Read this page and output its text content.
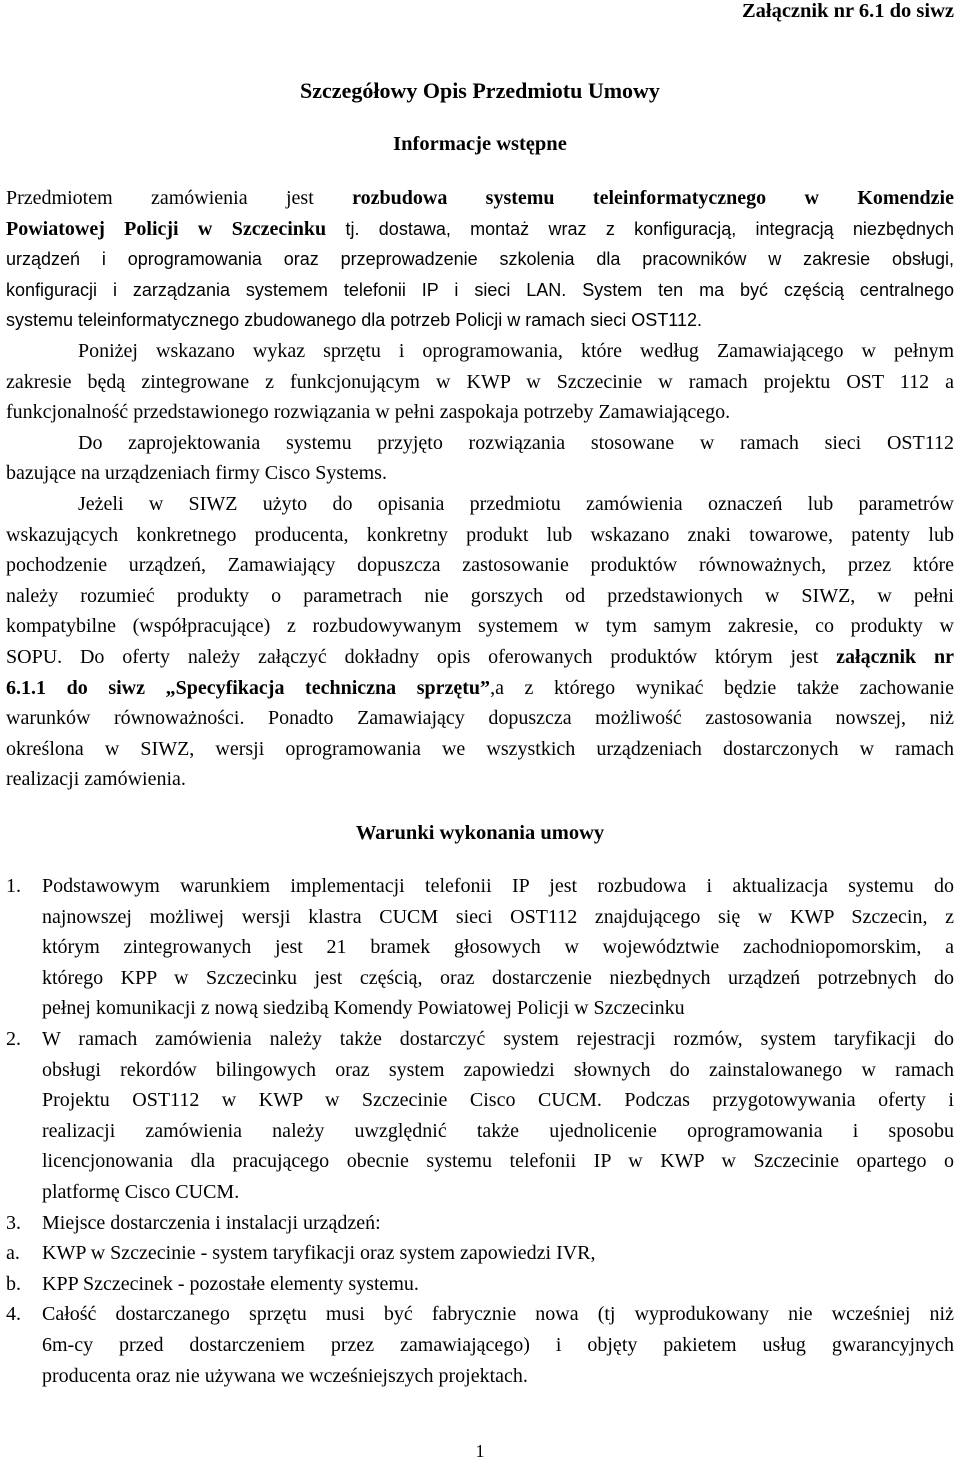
Załącznik nr 6.1 do siwz
Szczegółowy Opis Przedmiotu Umowy
Informacje wstępne
Przedmiotem zamówienia jest rozbudowa systemu teleinformatycznego w Komendzie
Powiatowej Policji w Szczecinku tj. dostawa, montaż wraz z konfiguracją, integracją niezbędnych
urządzeń i oprogramowania oraz przeprowadzenie szkolenia dla pracowników w zakresie obsługi,
konfiguracji i zarządzania systemem telefonii IP i sieci LAN. System ten ma być częścią centralnego
systemu teleinformatycznego zbudowanego dla potrzeb Policji w ramach sieci OST112.
Poniżej wskazano wykaz sprzętu i oprogramowania, które według Zamawiającego w pełnym
zakresie będą zintegrowane z funkcjonującym w KWP w Szczecinie w ramach projektu OST 112 a
funkcjonalność przedstawionego rozwiązania w pełni zaspokaja potrzeby Zamawiającego.
Do zaprojektowania systemu przyjęto rozwiązania stosowane w ramach sieci OST112
bazujące na urządzeniach firmy Cisco Systems.
Jeżeli w SIWZ użyto do opisania przedmiotu zamówienia oznaczeń lub parametrów
wskazujących konkretnego producenta, konkretny produkt lub wskazano znaki towarowe, patenty lub
pochodzenie urządzeń, Zamawiający dopuszcza zastosowanie produktów równoważnych, przez które
należy rozumieć produkty o parametrach nie gorszych od przedstawionych w SIWZ, w pełni
kompatybilne (współpracujące) z rozbudowywanym systemem w tym samym zakresie, co produkty w
SOPU. Do oferty należy załączyć dokładny opis oferowanych produktów którym jest załącznik nr
6.1.1 do siwz „Specyfikacja techniczna sprzętu”,a z którego wynikać będzie także zachowanie
warunków równoważności. Ponadto Zamawiający dopuszcza możliwość zastosowania nowszej, niż
określona w SIWZ, wersji oprogramowania we wszystkich urządzeniach dostarczonych w ramach
realizacji zamówienia.
Warunki wykonania umowy
1. Podstawowym warunkiem implementacji telefonii IP jest rozbudowa i aktualizacja systemu do
najnowszej możliwej wersji klastra CUCM sieci OST112 znajdującego się w KWP Szczecin, z
którym zintegrowanych jest 21 bramek głosowych w województwie zachodniopomorskim, a
którego KPP w Szczecinku jest częścią, oraz dostarczenie niezbędnych urządzeń potrzebnych do
pełnej komunikacji z nową siedzibą Komendy Powiatowej Policji w Szczecinku
2. W ramach zamówienia należy także dostarczyć system rejestracji rozmów, system taryfikacji do
obsługi rekordów bilingowych oraz system zapowiedzi słownych do zainstalowanego w ramach
Projektu OST112 w KWP w Szczecinie Cisco CUCM. Podczas przygotowywania oferty i
realizacji zamówienia należy uwzględnić także ujednolicenie oprogramowania i sposobu
licencjonowania dla pracującego obecnie systemu telefonii IP w KWP w Szczecinie opartego o
platformę Cisco CUCM.
3. Miejsce dostarczenia i instalacji urządzeń:
a. KWP w Szczecinie - system taryfikacji oraz system zapowiedzi IVR,
b. KPP Szczecinek - pozostałe elementy systemu.
4. Całość dostarczanego sprzętu musi być fabrycznie nowa (tj wyprodukowany nie wcześniej niż
6m-cy przed dostarczeniem przez zamawiającego) i objęty pakietem usług gwarancyjnych
producenta oraz nie używana we wcześniejszych projektach.
1
